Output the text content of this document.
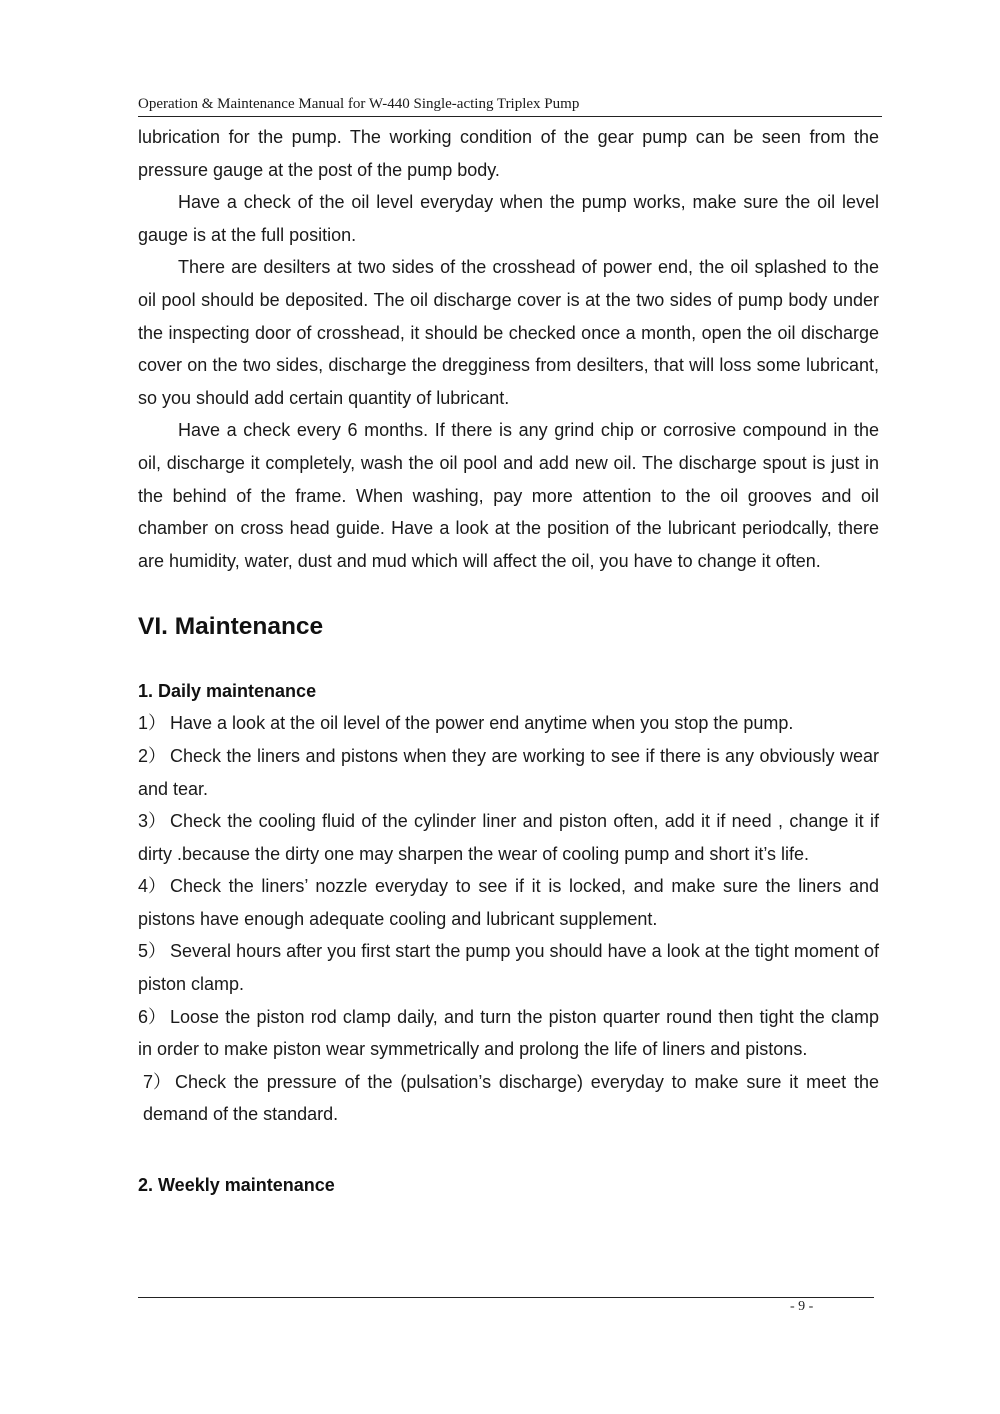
Operation & Maintenance Manual for W-440 Single-acting Triplex Pump

lubrication for the pump. The working condition of the gear pump can be seen from the pressure gauge at the post of the pump body.

Have a check of the oil level everyday when the pump works, make sure the oil level gauge is at the full position.

There are desilters at two sides of the crosshead of power end, the oil splashed to the oil pool should be deposited. The oil discharge cover is at the two sides of pump body under the inspecting door of crosshead, it should be checked once a month, open the oil discharge cover on the two sides, discharge the dregginess from desilters, that will loss some lubricant, so you should add certain quantity of lubricant.

Have a check every 6 months. If there is any grind chip or corrosive compound in the oil, discharge it completely, wash the oil pool and add new oil. The discharge spout is just in the behind of the frame. When washing, pay more attention to the oil grooves and oil chamber on cross head guide. Have a look at the position of the lubricant periodcally, there are humidity, water, dust and mud which will affect the oil, you have to change it often.

VI. Maintenance
1. Daily maintenance

1） Have a look at the oil level of the power end anytime when you stop the pump.

2） Check the liners and pistons when they are working to see if there is any obviously wear and tear.

3） Check the cooling fluid of the cylinder liner and piston often, add it if need , change it if dirty .because the dirty one may sharpen the wear of cooling pump and short it’s life.

4） Check the liners’ nozzle everyday to see if it is locked, and make sure the liners and pistons have enough adequate cooling and lubricant supplement.

5） Several hours after you first start the pump you should have a look at the tight moment of piston clamp.

6） Loose the piston rod clamp daily, and turn the piston quarter round then tight the clamp in order to make piston wear symmetrically and prolong the life of liners and pistons.

7） Check the pressure of the (pulsation’s discharge) everyday to make sure it meet the demand of the standard.

2. Weekly maintenance
- 9 -
